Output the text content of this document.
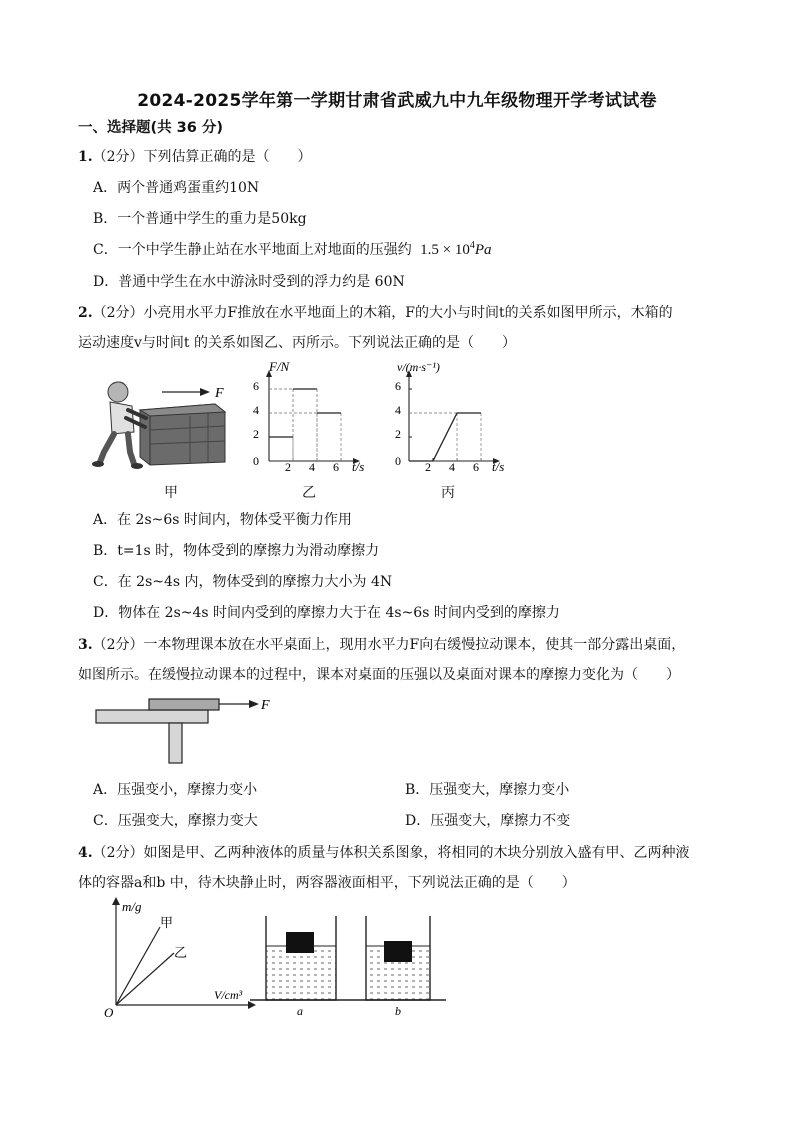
2024-2025学年第一学期甘肃省武威九中九年级物理开学考试试卷
一、选择题(共 36 分)
1.（2分）下列估算正确的是（　　）
A．两个普通鸡蛋重约10N
B．一个普通中学生的重力是50kg
C．一个中学生静止站在水平地面上对地面的压强约 $1.5 \times 10^4Pa$
D．普通中学生在水中游泳时受到的浮力约是 60N
2.（2分）小亮用水平力F推放在水平地面上的木箱，F的大小与时间t的关系如图甲所示，木箱的
运动速度v与时间t 的关系如图乙、丙所示。下列说法正确的是（　　）
F
F/N
t/s
6
4
2
0 2 4 6
v/(m·s⁻¹)
t/s
6
4
2
0 2 4 6
甲	乙	丙
A．在 2s~6s 时间内，物体受平衡力作用
B．t=1s 时，物体受到的摩擦力为滑动摩擦力
C．在 2s~4s 内，物体受到的摩擦力大小为 4N
D．物体在 2s~4s 时间内受到的摩擦力大于在 4s~6s 时间内受到的摩擦力
3.（2分）一本物理课本放在水平桌面上，现用水平力F向右缓慢拉动课本，使其一部分露出桌面，
如图所示。在缓慢拉动课本的过程中，课本对桌面的压强以及桌面对课本的摩擦力变化为（　　）
F
A．压强变小，摩擦力变小	B．压强变大，摩擦力变小
C．压强变大，摩擦力变大	D．压强变大，摩擦力不变
4.（2分）如图是甲、乙两种液体的质量与体积关系图象，将相同的木块分别放入盛有甲、乙两种液
体的容器a和b 中，待木块静止时，两容器液面相平，下列说法正确的是（　　）
m/g
V/cm³
O
甲
乙
a	b
